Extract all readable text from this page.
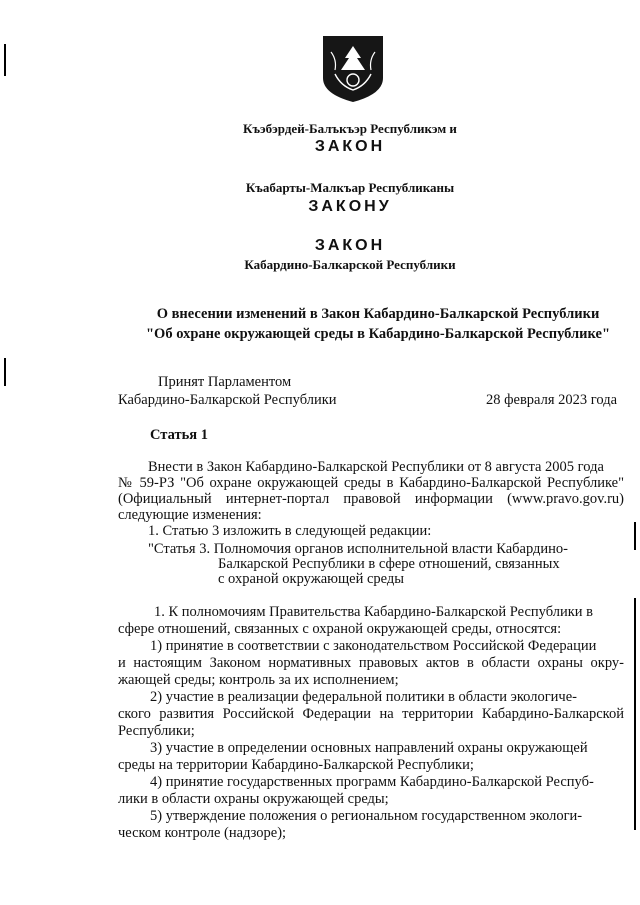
Къэбэрдей-Балъкъэр Республикэм и
ЗАКОН
Къабарты-Малкъар Республиканы
ЗАКОНУ
ЗАКОН
Кабардино-Балкарской Республики
О внесении изменений в Закон Кабардино-Балкарской Республики
"Об охране окружающей среды в Кабардино-Балкарской Республике"
Принят Парламентом
Кабардино-Балкарской Республики	28 февраля 2023 года
Статья 1
Внести в Закон Кабардино-Балкарской Республики от 8 августа 2005 года
№ 59-РЗ "Об охране окружающей среды в Кабардино-Балкарской Республике"
(Официальный интернет-портал правовой информации (www.pravo.gov.ru)
следующие изменения:
1. Статью 3 изложить в следующей редакции:
"Статья 3. Полномочия органов исполнительной власти Кабардино-
Балкарской Республики в сфере отношений, связанных
с охраной окружающей среды
1. К полномочиям Правительства Кабардино-Балкарской Республики в
сфере отношений, связанных с охраной окружающей среды, относятся:
1) принятие в соответствии с законодательством Российской Федерации
и настоящим Законом нормативных правовых актов в области охраны окру-
жающей среды; контроль за их исполнением;
2) участие в реализации федеральной политики в области экологиче-
ского развития Российской Федерации на территории Кабардино-Балкарской
Республики;
3) участие в определении основных направлений охраны окружающей
среды на территории Кабардино-Балкарской Республики;
4) принятие государственных программ Кабардино-Балкарской Респуб-
лики в области охраны окружающей среды;
5) утверждение положения о региональном государственном экологи-
ческом контроле (надзоре);
